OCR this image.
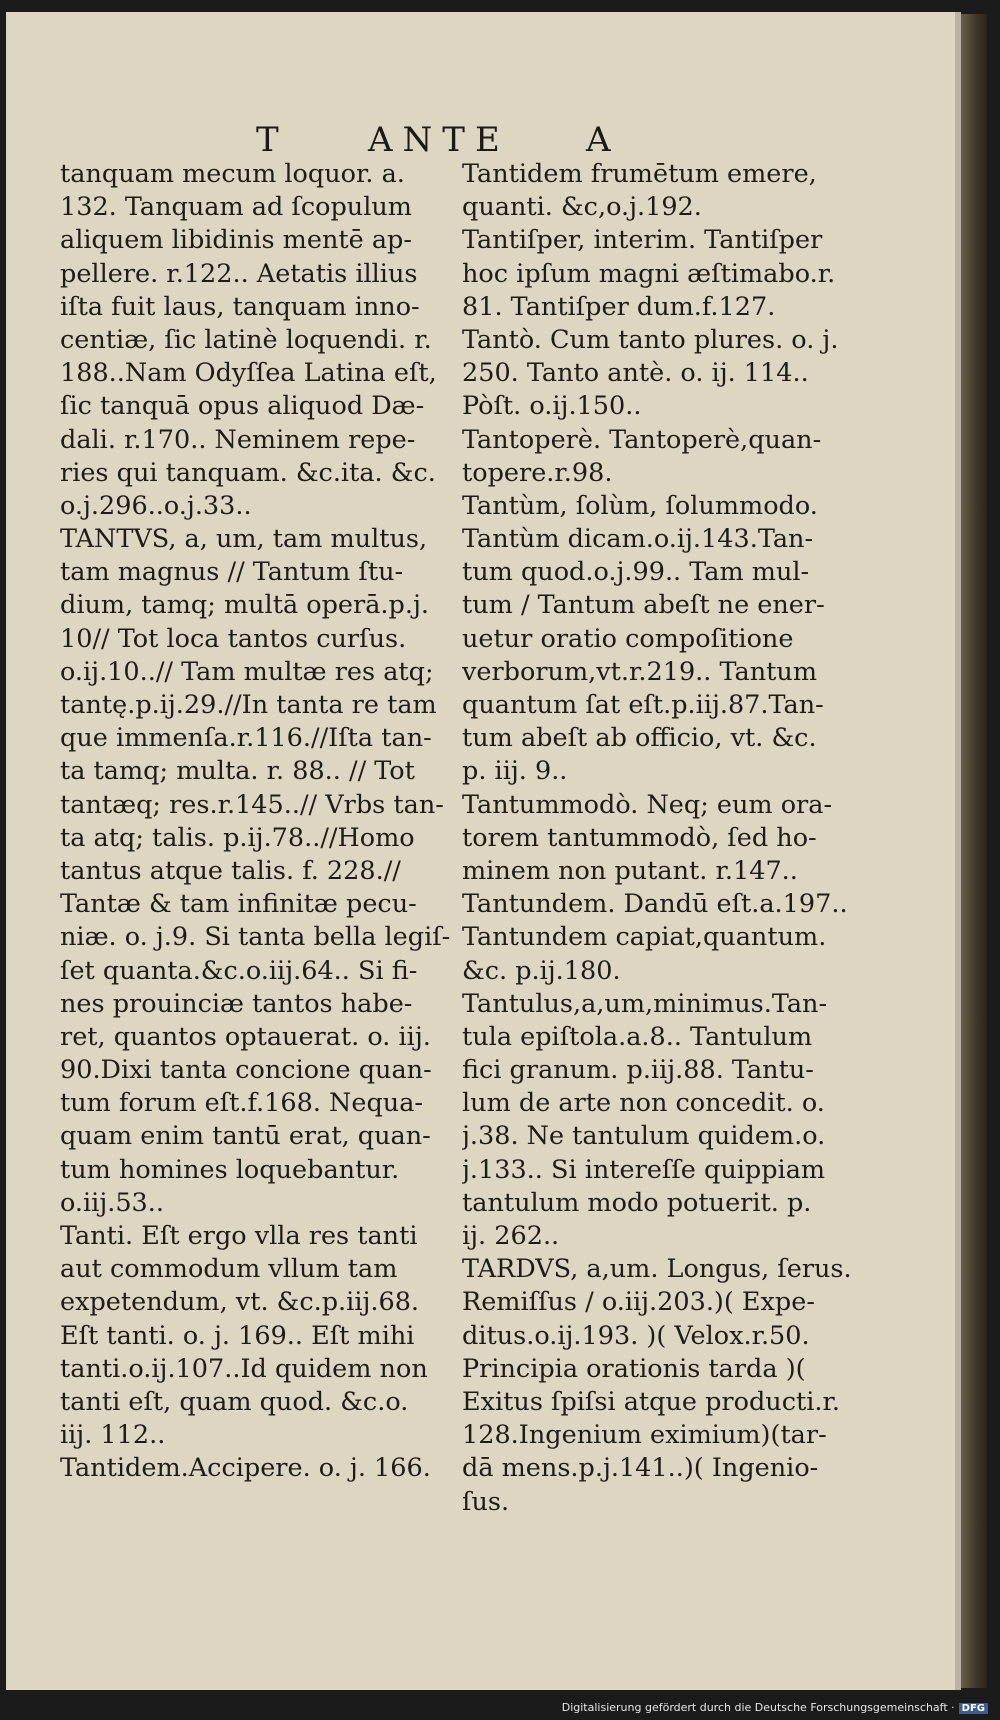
T	ANTE A
tanquam mecum loquor. a.
132. Tanquam ad ſcopulum
aliquem libidinis mentē ap-
pellere. r.122.. Aetatis illius
iſta fuit laus, tanquam inno-
centiæ, ſic latinè loquendi. r.
188..Nam Odyſſea Latina eſt,
ſic tanquā opus aliquod Dæ-
dali. r.170.. Neminem repe-
ries qui tanquam. &c.ita. &c.
o.j.296..o.j.33..
TANTVS, a, um, tam multus,
tam magnus // Tantum ſtu-
dium, tamq; multā operā.p.j.
10// Tot loca tantos curſus.
o.ij.10..// Tam multæ res atq;
tantę.p.ij.29.//In tanta re tam
que immenſa.r.116.//Iſta tan-
ta tamq; multa. r. 88.. // Tot
tantæq; res.r.145..// Vrbs tan-
ta atq; talis. p.ij.78..//Homo
tantus atque talis. f. 228.//
Tantæ & tam infinitæ pecu-
niæ. o. j.9. Si tanta bella legiſ-
ſet quanta.&c.o.iij.64.. Si fi-
nes prouinciæ tantos habe-
ret, quantos optauerat. o. iij.
90.Dixi tanta concione quan-
tum forum eſt.f.168. Nequa-
quam enim tantū erat, quan-
tum homines loquebantur.
o.iij.53..
Tanti. Eſt ergo vlla res tanti
aut commodum vllum tam
expetendum, vt. &c.p.iij.68.
Eſt tanti. o. j. 169.. Eſt mihi
tanti.o.ij.107..Id quidem non
tanti eſt, quam quod. &c.o.
iij. 112..
Tantidem.Accipere. o. j. 166.
Tantidem frumētum emere,
quanti. &c,o.j.192.
Tantiſper, interim. Tantiſper
hoc ipſum magni æſtimabo.r.
81. Tantiſper dum.f.127.
Tantò. Cum tanto plures. o. j.
250. Tanto antè. o. ij. 114..
Pòſt. o.ij.150..
Tantoperè. Tantoperè,quan-
topere.r.98.
Tantùm, ſolùm, ſolummodo.
Tantùm dicam.o.ij.143.Tan-
tum quod.o.j.99.. Tam mul-
tum / Tantum abeſt ne ener-
uetur oratio compoſitione
verborum,vt.r.219.. Tantum
quantum ſat eſt.p.iij.87.Tan-
tum abeſt ab officio, vt. &c.
p. iij. 9..
Tantummodò. Neq; eum ora-
torem tantummodò, ſed ho-
minem non putant. r.147..
Tantundem. Dandū eſt.a.197..
Tantundem capiat,quantum.
&c. p.ij.180.
Tantulus,a,um,minimus.Tan-
tula epiſtola.a.8.. Tantulum
fici granum. p.iij.88. Tantu-
lum de arte non concedit. o.
j.38. Ne tantulum quidem.o.
j.133.. Si intereſſe quippiam
tantulum modo potuerit. p.
ij. 262..
TARDVS, a,um. Longus, ſerus.
Remiſſus / o.iij.203.)( Expe-
ditus.o.ij.193. )( Velox.r.50.
Principia orationis tarda )(
Exitus ſpiſsi atque producti.r.
128.Ingenium eximium)(tar-
dā mens.p.j.141..)( Ingenio-
ſus.
Digitalisierung gefördert durch die Deutsche Forschungsgemeinschaft · DFG
